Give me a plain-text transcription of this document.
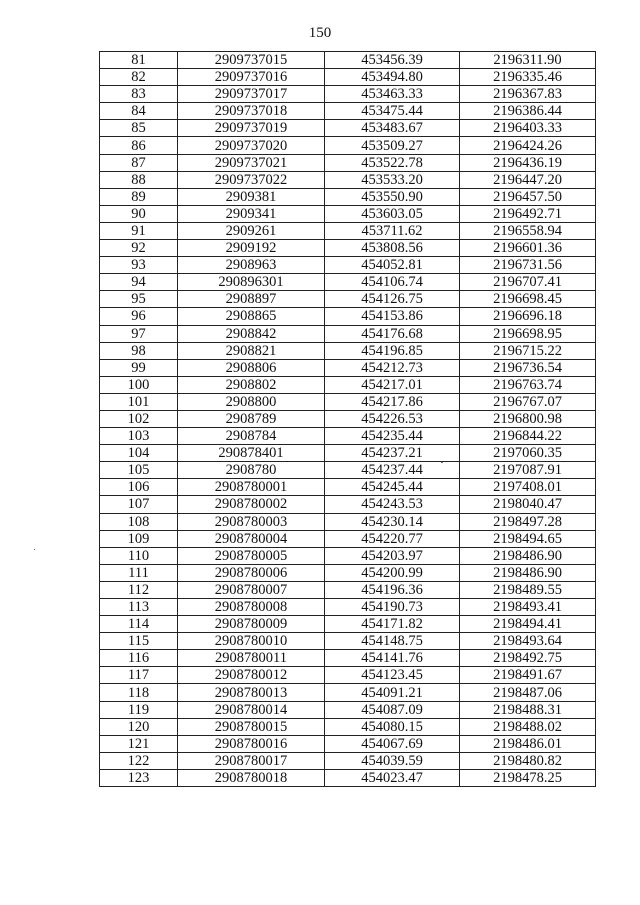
150
81	2909737015	453456.39	2196311.90
82	2909737016	453494.80	2196335.46
83	2909737017	453463.33	2196367.83
84	2909737018	453475.44	2196386.44
85	2909737019	453483.67	2196403.33
86	2909737020	453509.27	2196424.26
87	2909737021	453522.78	2196436.19
88	2909737022	453533.20	2196447.20
89	2909381	453550.90	2196457.50
90	2909341	453603.05	2196492.71
91	2909261	453711.62	2196558.94
92	2909192	453808.56	2196601.36
93	2908963	454052.81	2196731.56
94	290896301	454106.74	2196707.41
95	2908897	454126.75	2196698.45
96	2908865	454153.86	2196696.18
97	2908842	454176.68	2196698.95
98	2908821	454196.85	2196715.22
99	2908806	454212.73	2196736.54
100	2908802	454217.01	2196763.74
101	2908800	454217.86	2196767.07
102	2908789	454226.53	2196800.98
103	2908784	454235.44	2196844.22
104	290878401	454237.21	2197060.35
105	2908780	454237.44	2197087.91
106	2908780001	454245.44	2197408.01
107	2908780002	454243.53	2198040.47
108	2908780003	454230.14	2198497.28
109	2908780004	454220.77	2198494.65
110	2908780005	454203.97	2198486.90
111	2908780006	454200.99	2198486.90
112	2908780007	454196.36	2198489.55
113	2908780008	454190.73	2198493.41
114	2908780009	454171.82	2198494.41
115	2908780010	454148.75	2198493.64
116	2908780011	454141.76	2198492.75
117	2908780012	454123.45	2198491.67
118	2908780013	454091.21	2198487.06
119	2908780014	454087.09	2198488.31
120	2908780015	454080.15	2198488.02
121	2908780016	454067.69	2198486.01
122	2908780017	454039.59	2198480.82
123	2908780018	454023.47	2198478.25
